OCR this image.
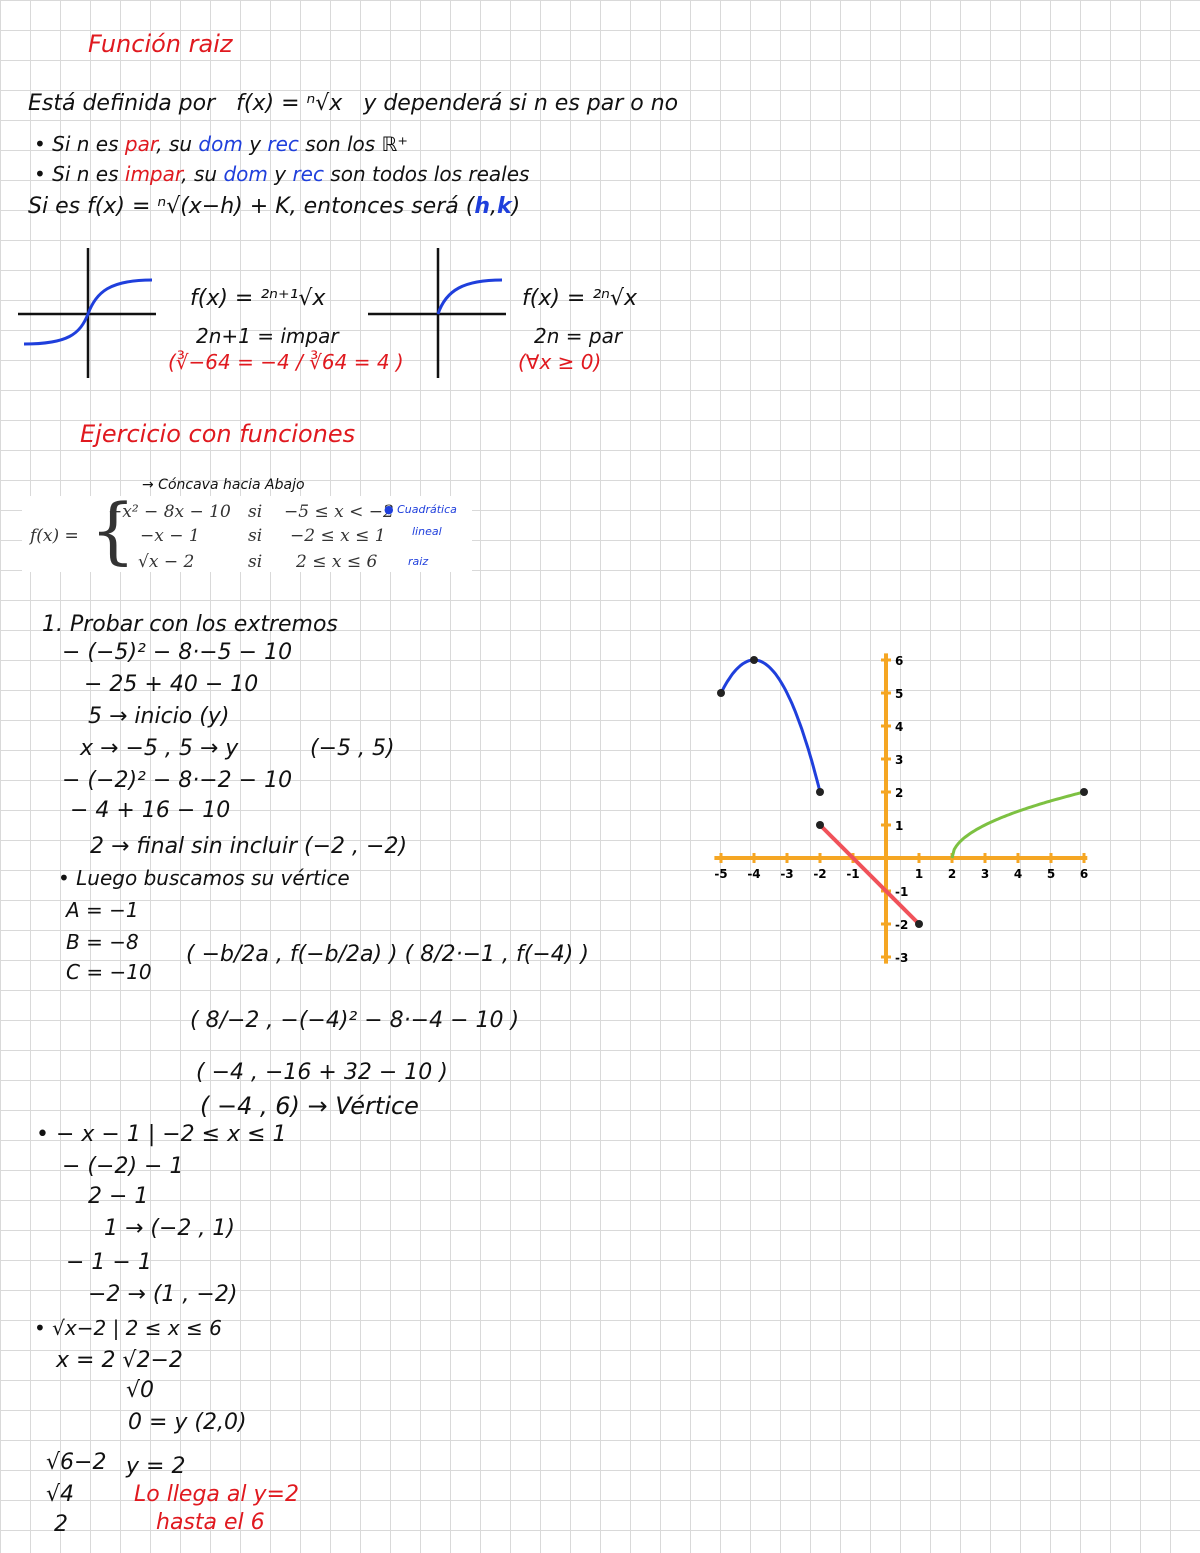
Función raiz
Está definida por f(x) = ⁿ√x y dependerá si n es par o no
• Si n es par, su dom y rec son los ℝ⁺
• Si n es impar, su dom y rec son todos los reales
Si es f(x) = ⁿ√(x−h) + K, entonces será (h,k)
f(x) = ²ⁿ⁺¹√x
2n+1 = impar
(∛−64 = −4 / ∛64 = 4 )
f(x) = ²ⁿ√x
2n = par
(∀x ≥ 0)
Ejercicio con funciones
→ Cóncava hacia Abajo
f(x) = {
−x² − 8x − 10 si −5 ≤ x < −2
−x − 1	si −2 ≤ x ≤ 1
√x − 2	si 2 ≤ x ≤ 6
● Cuadrática
lineal
raiz
1. Probar con los extremos
− (−5)² − 8·−5 − 10
− 25 + 40 − 10
5 → inicio (y)
x → −5 , 5 → y	(−5 , 5)
− (−2)² − 8·−2 − 10
− 4 + 16 − 10
2 → final sin incluir (−2 , −2)
• Luego buscamos su vértice
A = −1
B = −8
C = −10
( −b/2a , f(−b/2a) ) ( 8/2·−1 , f(−4) )
( 8/−2 , −(−4)² − 8·−4 − 10 )
( −4 , −16 + 32 − 10 )
( −4 , 6) → Vértice
• − x − 1 | −2 ≤ x ≤ 1
− (−2) − 1
2 − 1
1 → (−2 , 1)
− 1 − 1
−2 → (1 , −2)
• √x−2 | 2 ≤ x ≤ 6
x = 2 √2−2
√0
0 = y (2,0)
√6−2 y = 2
√4
2
Lo llega al y=2
hasta el 6
-5 -4 -3 -2 -1	1 2 3 4 5 6
6
5
4
3
2
1
-1
-2
-3
